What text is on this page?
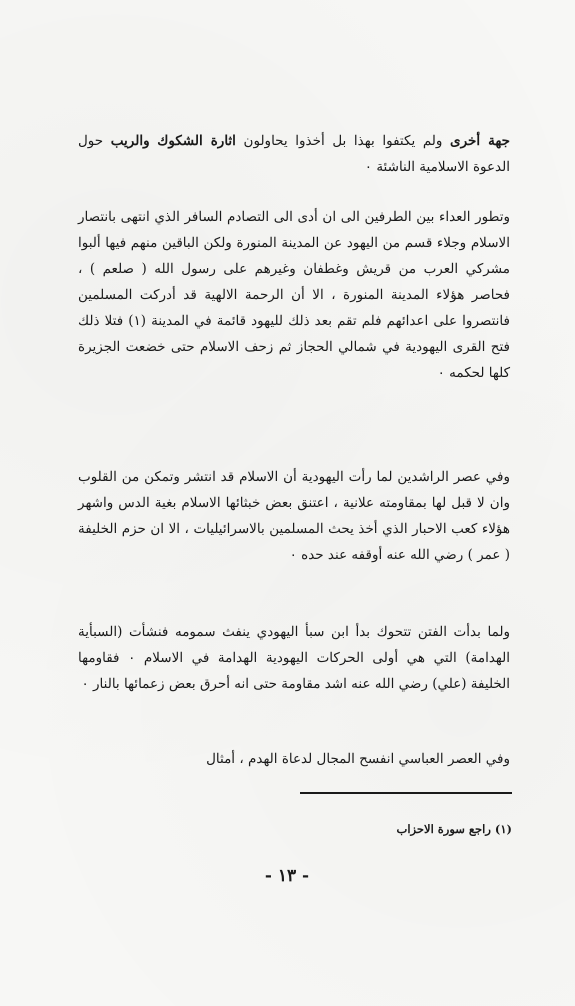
جهة أخرى ولم يكتفوا بهذا بل أخذوا يحاولون اثارة الشكوك والريب حول الدعوة الاسلامية الناشئة ٠

وتطور العداء بين الطرفين الى ان أدى الى التصادم السافر الذي انتهى بانتصار الاسلام وجلاء قسم من اليهود عن المدينة المنورة ولكن الباقين منهم فيها ألبوا مشركي العرب من قريش وغطفان وغيرهم على رسول الله ( صلعم ) ، فحاصر هؤلاء المدينة المنورة ، الا أن الرحمة الالهية قد أدركت المسلمين فانتصروا على اعدائهم فلم تقم بعد ذلك لليهود قائمة في المدينة (١) فتلا ذلك فتح القرى اليهودية في شمالي الحجاز ثم زحف الاسلام حتى خضعت الجزيرة كلها لحكمه ٠

وفي عصر الراشدين لما رأت اليهودية أن الاسلام قد انتشر وتمكن من القلوب وان لا قبل لها بمقاومته علانية ، اعتنق بعض خبثائها الاسلام بغية الدس واشهر هؤلاء كعب الاحبار الذي أخذ يحث المسلمين بالاسرائيليات ، الا ان حزم الخليفة ( عمر ) رضي الله عنه أوقفه عند حده ٠

ولما بدأت الفتن تتحوك بدأ ابن سبأ اليهودي ينفث سمومه فنشأت (السبأية الهدامة) التي هي أولى الحركات اليهودية الهدامة في الاسلام ٠ فقاومها الخليفة (علي) رضي الله عنه اشد مقاومة حتى انه أحرق بعض زعمائها بالنار ٠

وفي العصر العباسي انفسح المجال لدعاة الهدم ، أمثال

(١) راجع سورة الاحزاب

- ١٣ -
